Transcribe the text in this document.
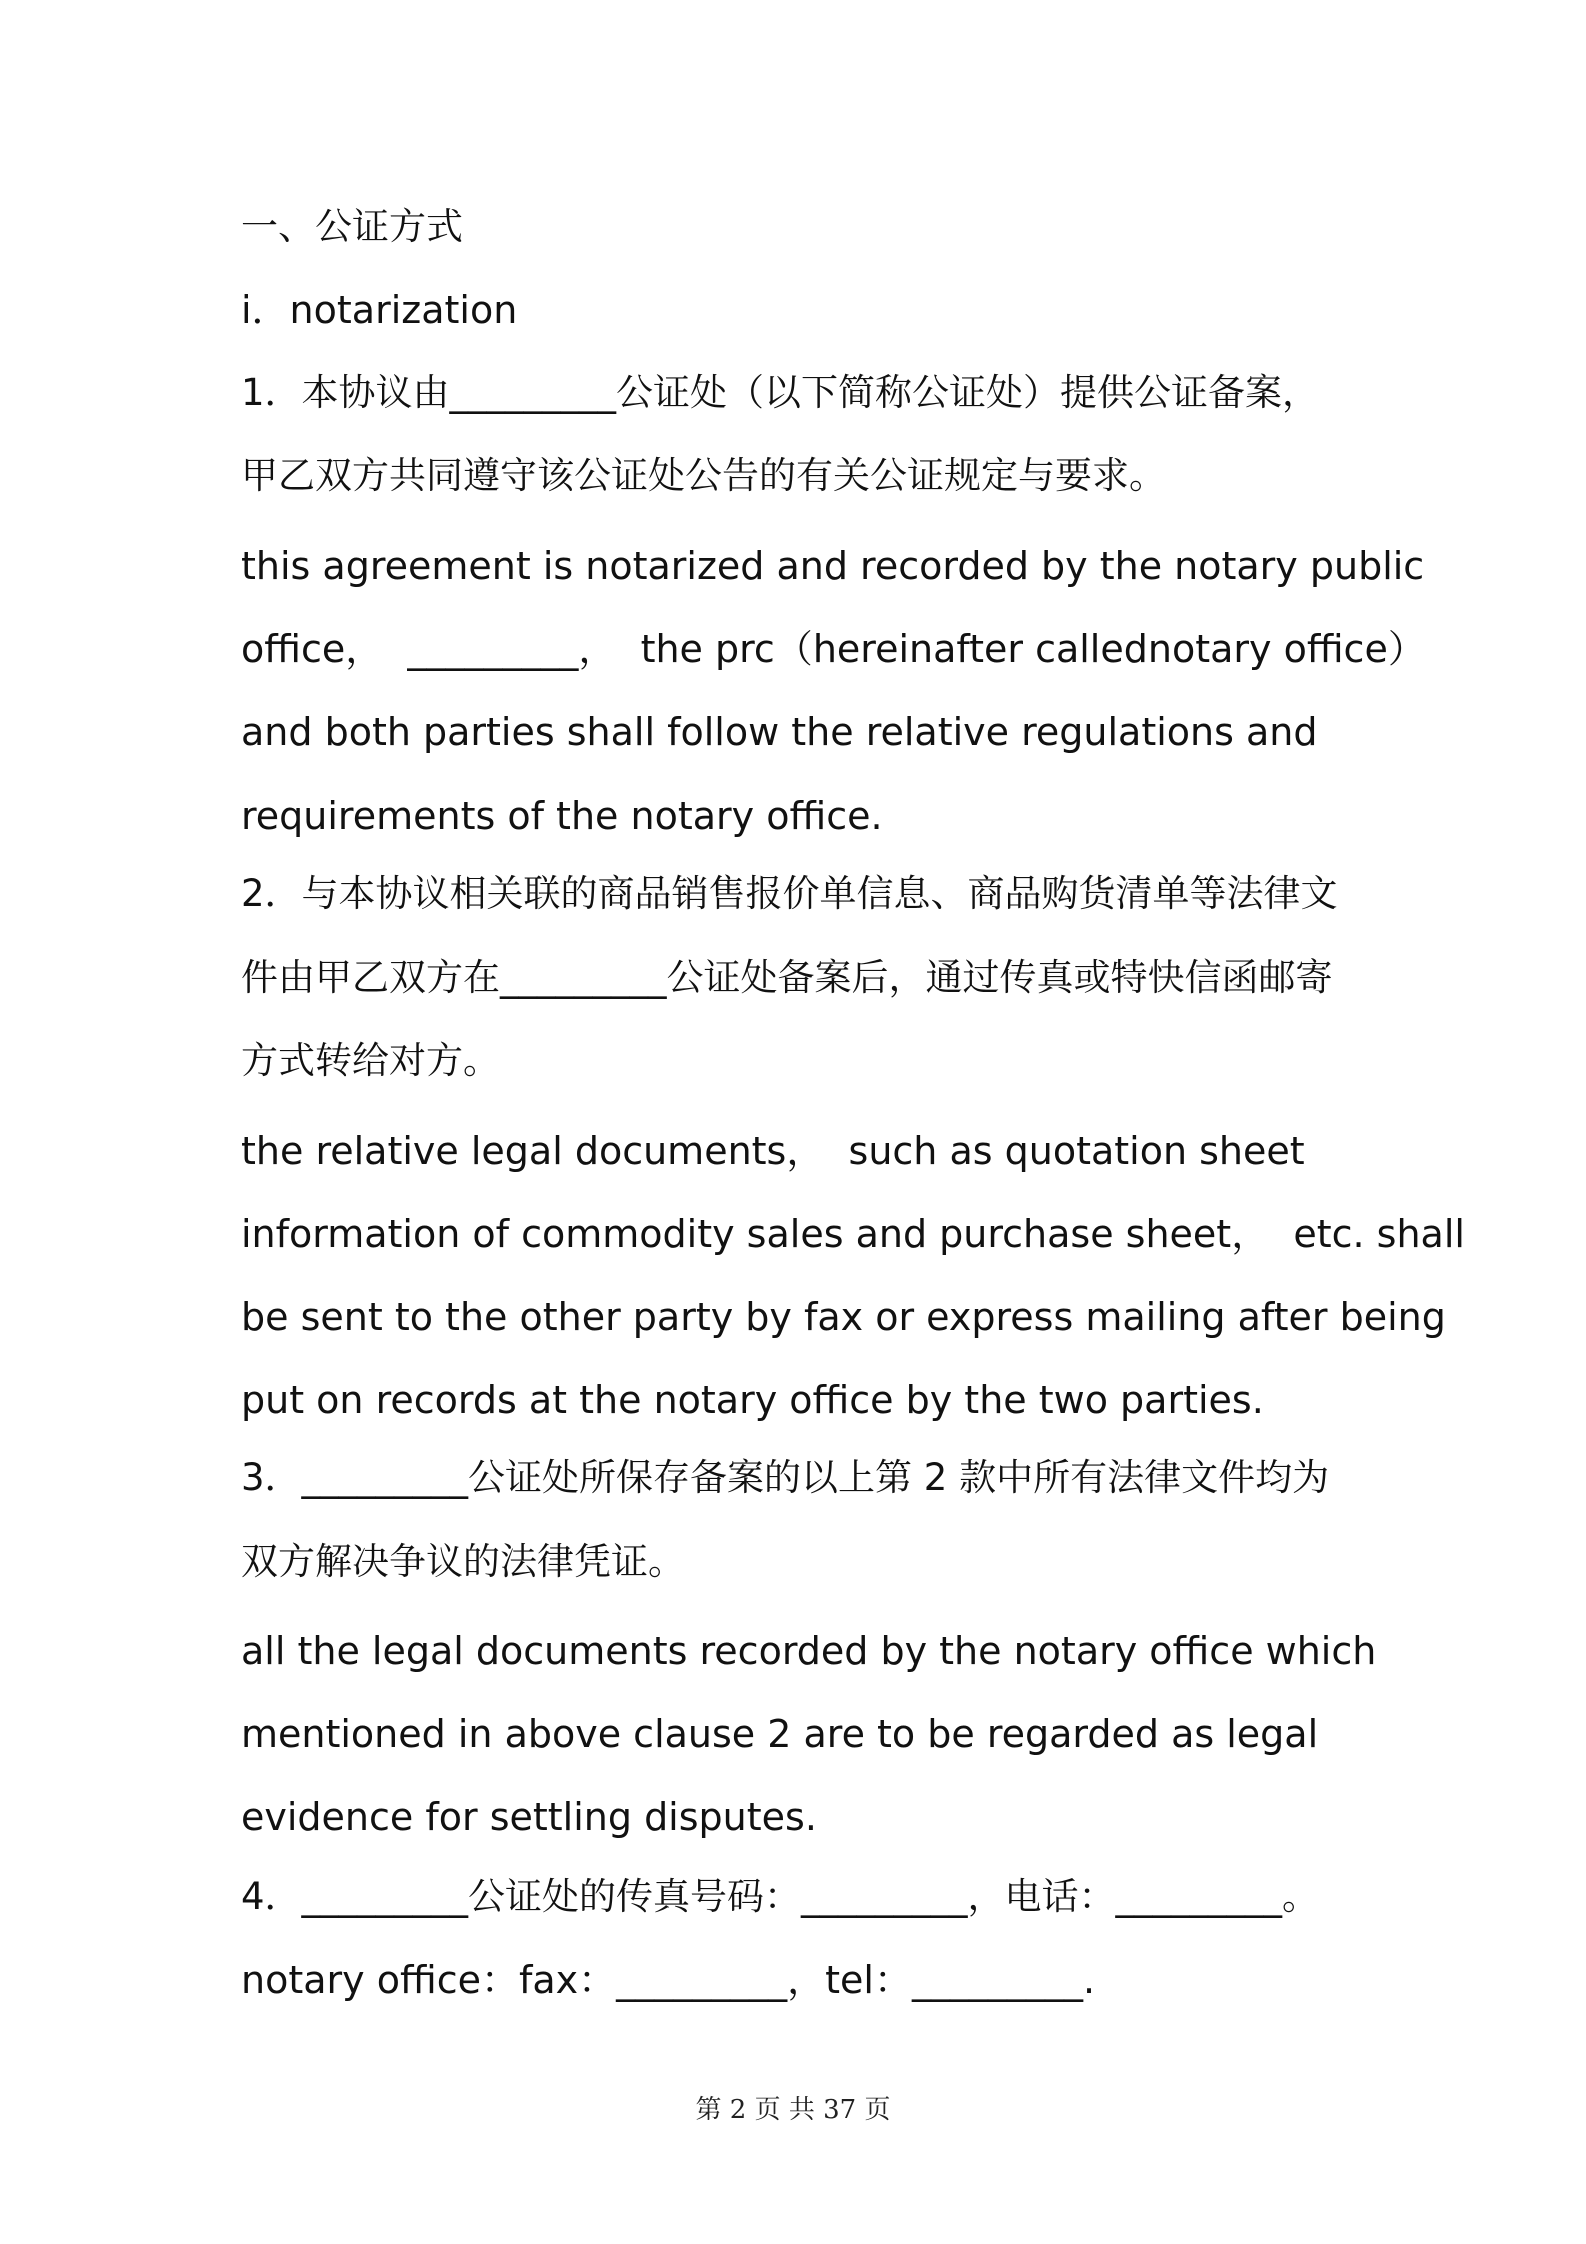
一、公证方式

i．notarization

1．本协议由_________公证处（以下简称公证处）提供公证备案，

甲乙双方共同遵守该公证处公告的有关公证规定与要求。

this agreement is notarized and recorded by the notary public

office，  _________，  the prc（hereinafter callednotary office）

and both parties shall follow the relative regulations and

requirements of the notary office.

2．与本协议相关联的商品销售报价单信息、商品购货清单等法律文

件由甲乙双方在_________公证处备案后，通过传真或特快信函邮寄

方式转给对方。

the relative legal documents，  such as quotation sheet

information of commodity sales and purchase sheet，  etc. shall

be sent to the other party by fax or express mailing after being

put on records at the notary office by the two parties.

3．_________公证处所保存备案的以上第 2 款中所有法律文件均为

双方解决争议的法律凭证。

all the legal documents recorded by the notary office which

mentioned in above clause 2 are to be regarded as legal

evidence for settling disputes.

4．_________公证处的传真号码：_________，电话：_________。

notary office：fax：_________，tel：_________.

第 2 页 共 37 页
